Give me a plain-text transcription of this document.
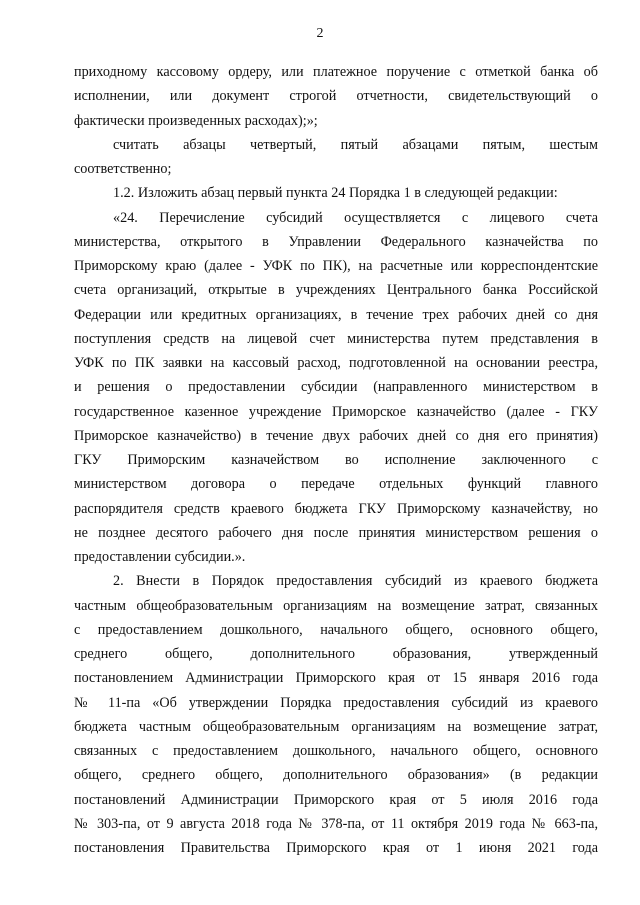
2
приходному кассовому ордеру, или платежное поручение с отметкой банка об
исполнении, или документ строгой отчетности, свидетельствующий о
фактически произведенных расходах);»;
считать абзацы четвертый, пятый абзацами пятым, шестым
соответственно;
1.2. Изложить абзац первый пункта 24 Порядка 1 в следующей редакции:
«24. Перечисление субсидий осуществляется с лицевого счета
министерства, открытого в Управлении Федерального казначейства по
Приморскому краю (далее - УФК по ПК), на расчетные или корреспондентские
счета организаций, открытые в учреждениях Центрального банка Российской
Федерации или кредитных организациях, в течение трех рабочих дней со дня
поступления средств на лицевой счет министерства путем представления в
УФК по ПК заявки на кассовый расход, подготовленной на основании реестра,
и решения о предоставлении субсидии (направленного министерством в
государственное казенное учреждение Приморское казначейство (далее - ГКУ
Приморское казначейство) в течение двух рабочих дней со дня его принятия)
ГКУ Приморским казначейством во исполнение заключенного с
министерством договора о передаче отдельных функций главного
распорядителя средств краевого бюджета ГКУ Приморскому казначейству, но
не позднее десятого рабочего дня после принятия министерством решения о
предоставлении субсидии.».
2. Внести в Порядок предоставления субсидий из краевого бюджета
частным общеобразовательным организациям на возмещение затрат, связанных
с предоставлением дошкольного, начального общего, основного общего,
среднего общего, дополнительного образования, утвержденный
постановлением Администрации Приморского края от 15 января 2016 года
№ 11-па «Об утверждении Порядка предоставления субсидий из краевого
бюджета частным общеобразовательным организациям на возмещение затрат,
связанных с предоставлением дошкольного, начального общего, основного
общего, среднего общего, дополнительного образования» (в редакции
постановлений Администрации Приморского края от 5 июля 2016 года
№ 303-па, от 9 августа 2018 года № 378-па, от 11 октября 2019 года № 663-па,
постановления Правительства Приморского края от 1 июня 2021 года
